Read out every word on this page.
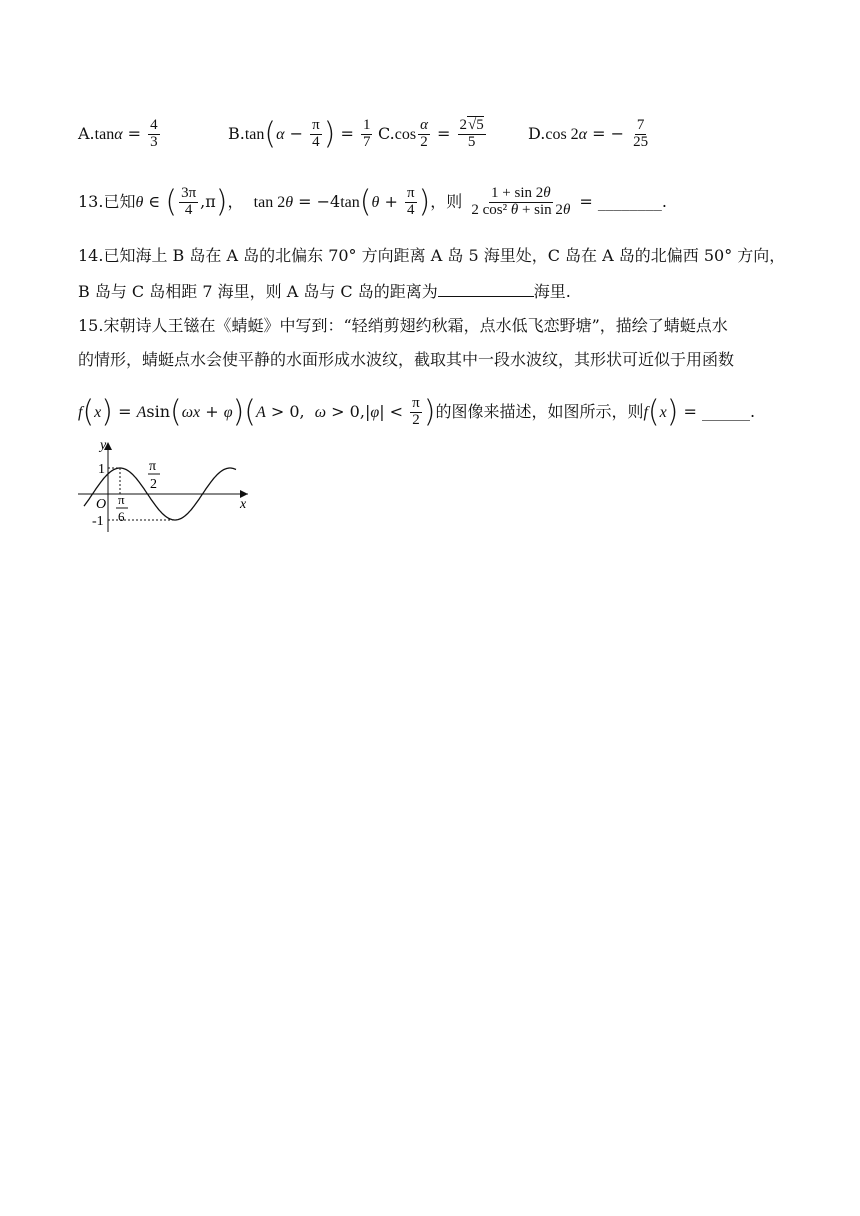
$A.\tan\alpha = \frac{4}{3}$	$B.\tan(\alpha - \frac{\pi}{4}$ ) = $\frac{1}{7} C.\cos \frac{\alpha}{2} = \frac{2√5}{5}$	D.cos 2α = − $\frac{7}{25}$
13.已知θ ∈ ( $\frac{3\pi}{4} ,\pi$)， $\tan 2\theta = -4\tan(\theta + \frac{\pi}{4}$ )，则 $\frac{1 + \sin 2\theta}{\text{2 cos² θ + sin 2θ}}$ = ________.
14.已知海上 B 岛在 A 岛的北偏东 70° 方向距离 A 岛 5 海里处，C 岛在 A 岛的北偏西 50° 方向，
B 岛与 C 岛相距 7 海里，则 A 岛与 C 岛的距离为	海里.
15.宋朝诗人王镃在《蜻蜓》中写到：“轻绡剪翅约秋霜，点水低飞恋野塘”，描绘了蜻蜓点水
的情形，蜻蜓点水会使平静的水面形成水波纹，截取其中一段水波纹，其形状可近似于用函数
f(x) = Asin(ωx + φ)(A > 0,  $\omega > 0,|\varphi| < \frac{\pi}{2}$ )的图像来描述，如图所示，则f(x) = ______.
y
x
O
1
-1
π
2
π
6
